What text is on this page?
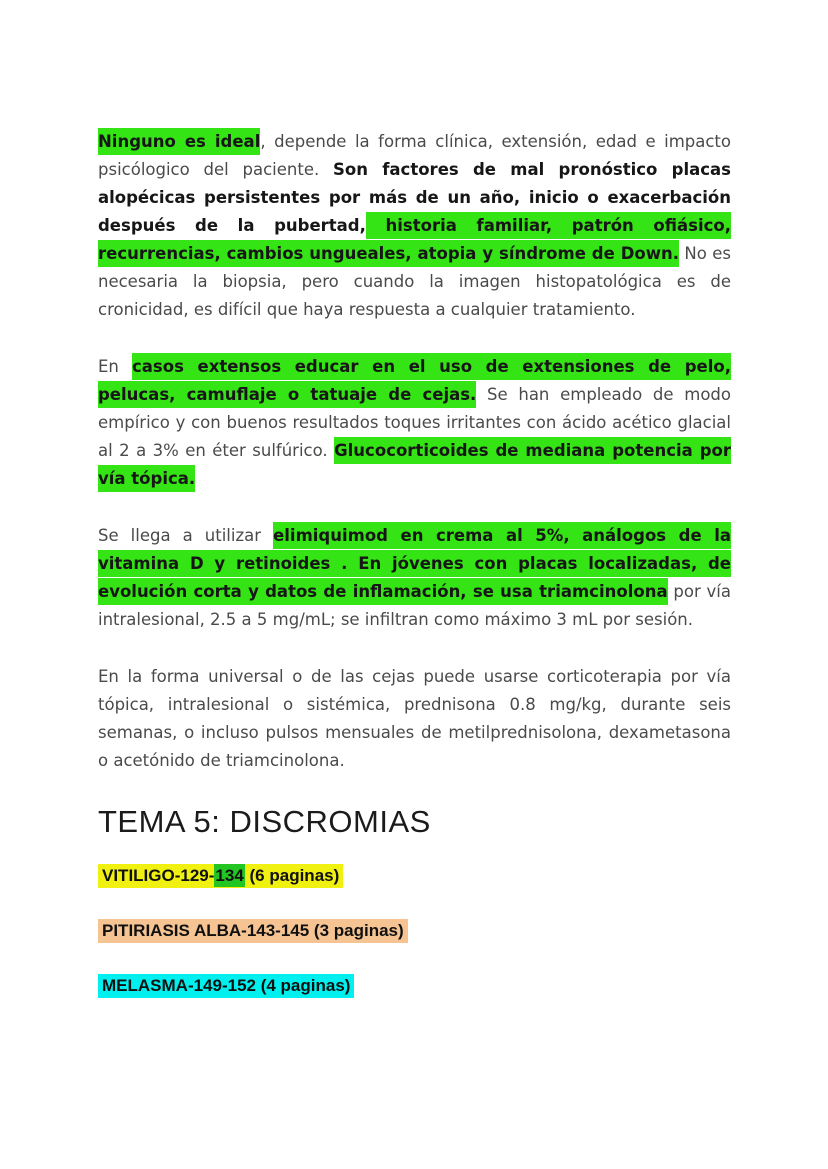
Ninguno es ideal, depende la forma clínica, extensión, edad e impacto psicólogico del paciente. Son factores de mal pronóstico placas alopécicas persistentes por más de un año, inicio o exacerbación después de la pubertad, historia familiar, patrón ofiásico, recurrencias, cambios ungueales, atopia y síndrome de Down. No es necesaria la biopsia, pero cuando la imagen histopatológica es de cronicidad, es difícil que haya respuesta a cualquier tratamiento.

En casos extensos educar en el uso de extensiones de pelo, pelucas, camuflaje o tatuaje de cejas. Se han empleado de modo empírico y con buenos resultados toques irritantes con ácido acético glacial al 2 a 3% en éter sulfúrico. Glucocorticoides de mediana potencia por vía tópica.

Se llega a utilizar elimiquimod en crema al 5%, análogos de la vitamina D y retinoides . En jóvenes con placas localizadas, de evolución corta y datos de inflamación, se usa triamcinolona por vía intralesional, 2.5 a 5 mg/mL; se infiltran como máximo 3 mL por sesión.

En la forma universal o de las cejas puede usarse corticoterapia por vía tópica, intralesional o sistémica, prednisona 0.8 mg/kg, durante seis semanas, o incluso pulsos mensuales de metilprednisolona, dexametasona o acetónido de triamcinolona.

TEMA 5: DISCROMIAS
VITILIGO-129-134 (6 paginas)
PITIRIASIS ALBA-143-145 (3 paginas)
MELASMA-149-152 (4 paginas)
